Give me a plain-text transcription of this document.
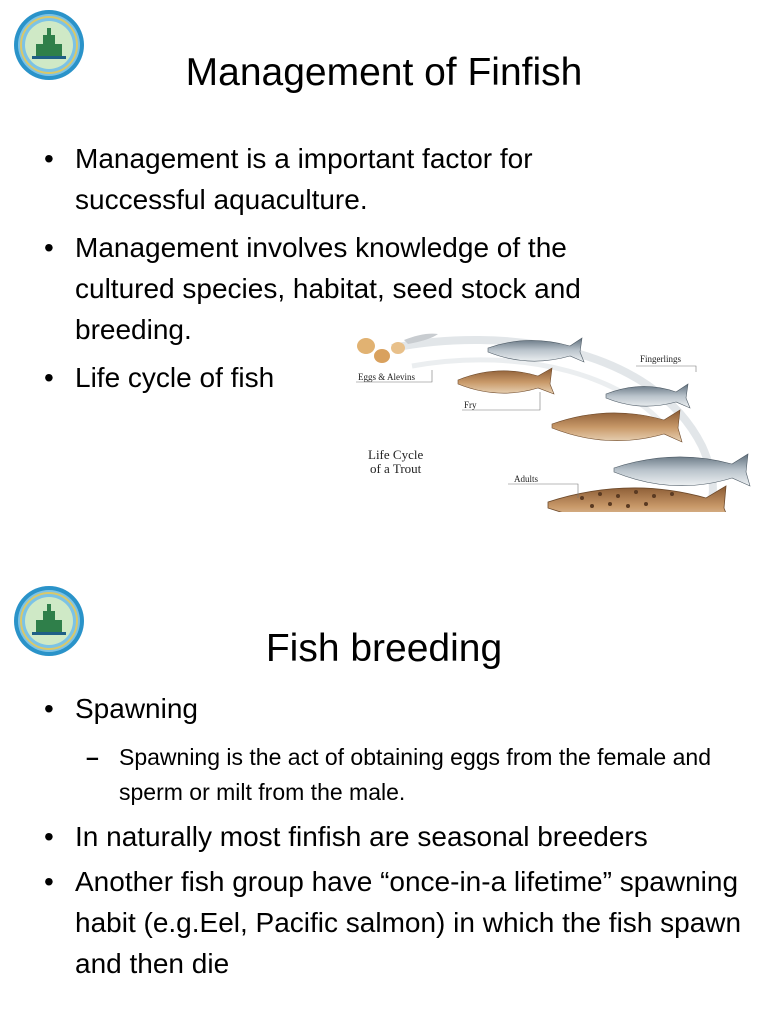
Management of Finfish
• Management is a important factor for successful aquaculture.
• Management involves knowledge of the cultured species, habitat, seed stock and breeding.
• Life cycle of fish	Eggs & Alevins
Fry
Fingerlings
Adults
Life Cycle
of a Trout
Fish breeding
• Spawning
– Spawning is the act of obtaining eggs from the female and sperm or milt from the male.
• In naturally most finfish are seasonal breeders
• Another fish group have “once-in-a lifetime” spawning habit (e.g.Eel, Pacific salmon) in which the fish spawn and then die
